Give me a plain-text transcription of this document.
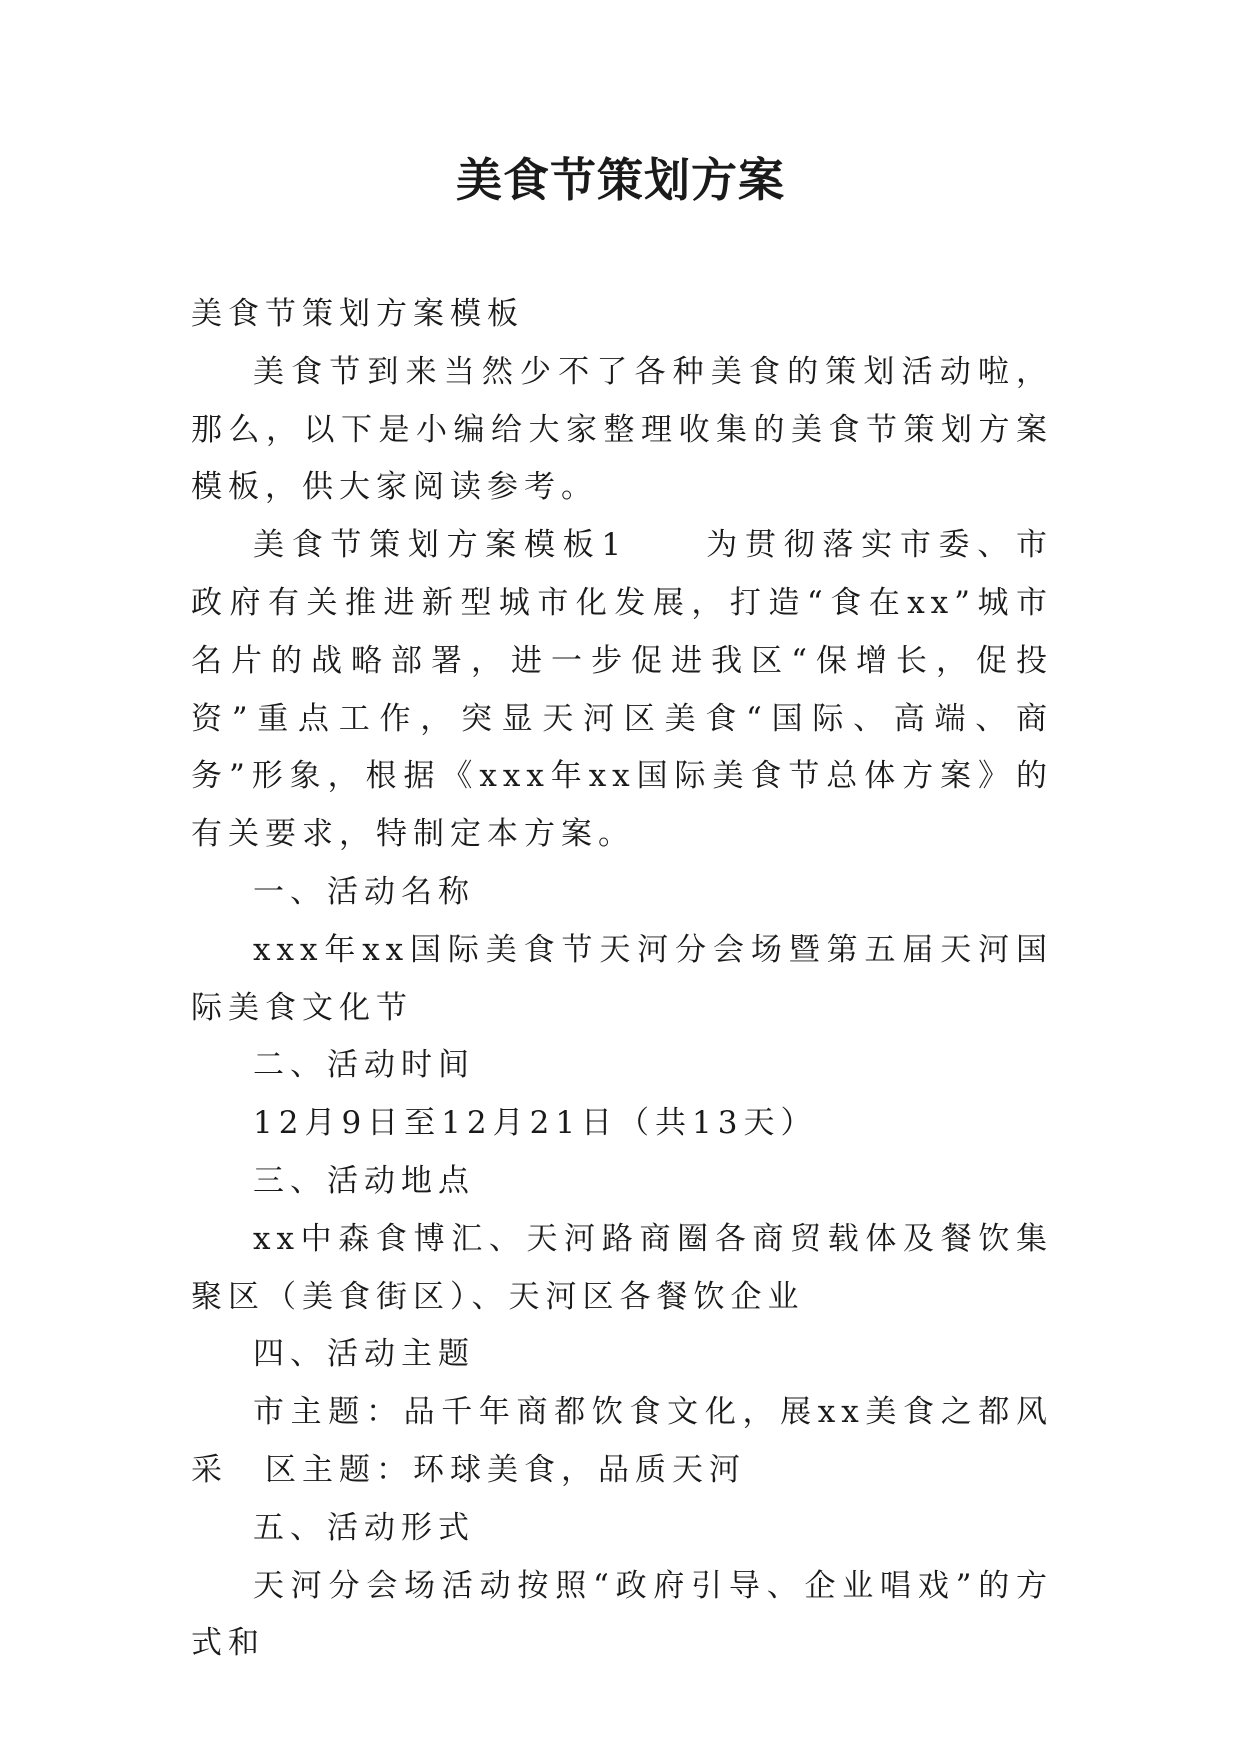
美食节策划方案

美食节策划方案模板

美食节到来当然少不了各种美食的策划活动啦，那么，以下是小编给大家整理收集的美食节策划方案模板，供大家阅读参考。

美食节策划方案模板1　　为贯彻落实市委、市政府有关推进新型城市化发展，打造“食在xx”城市名片的战略部署，进一步促进我区“保增长，促投资”重点工作，突显天河区美食“国际、高端、商务”形象，根据《xxx年xx国际美食节总体方案》的有关要求，特制定本方案。

一、活动名称

xxx年xx国际美食节天河分会场暨第五届天河国际美食文化节

二、活动时间

12月9日至12月21日（共13天）

三、活动地点

xx中森食博汇、天河路商圈各商贸载体及餐饮集聚区（美食街区）、天河区各餐饮企业

四、活动主题

市主题：品千年商都饮食文化，展xx美食之都风采　区主题：环球美食，品质天河

五、活动形式

天河分会场活动按照“政府引导、企业唱戏”的方式和
